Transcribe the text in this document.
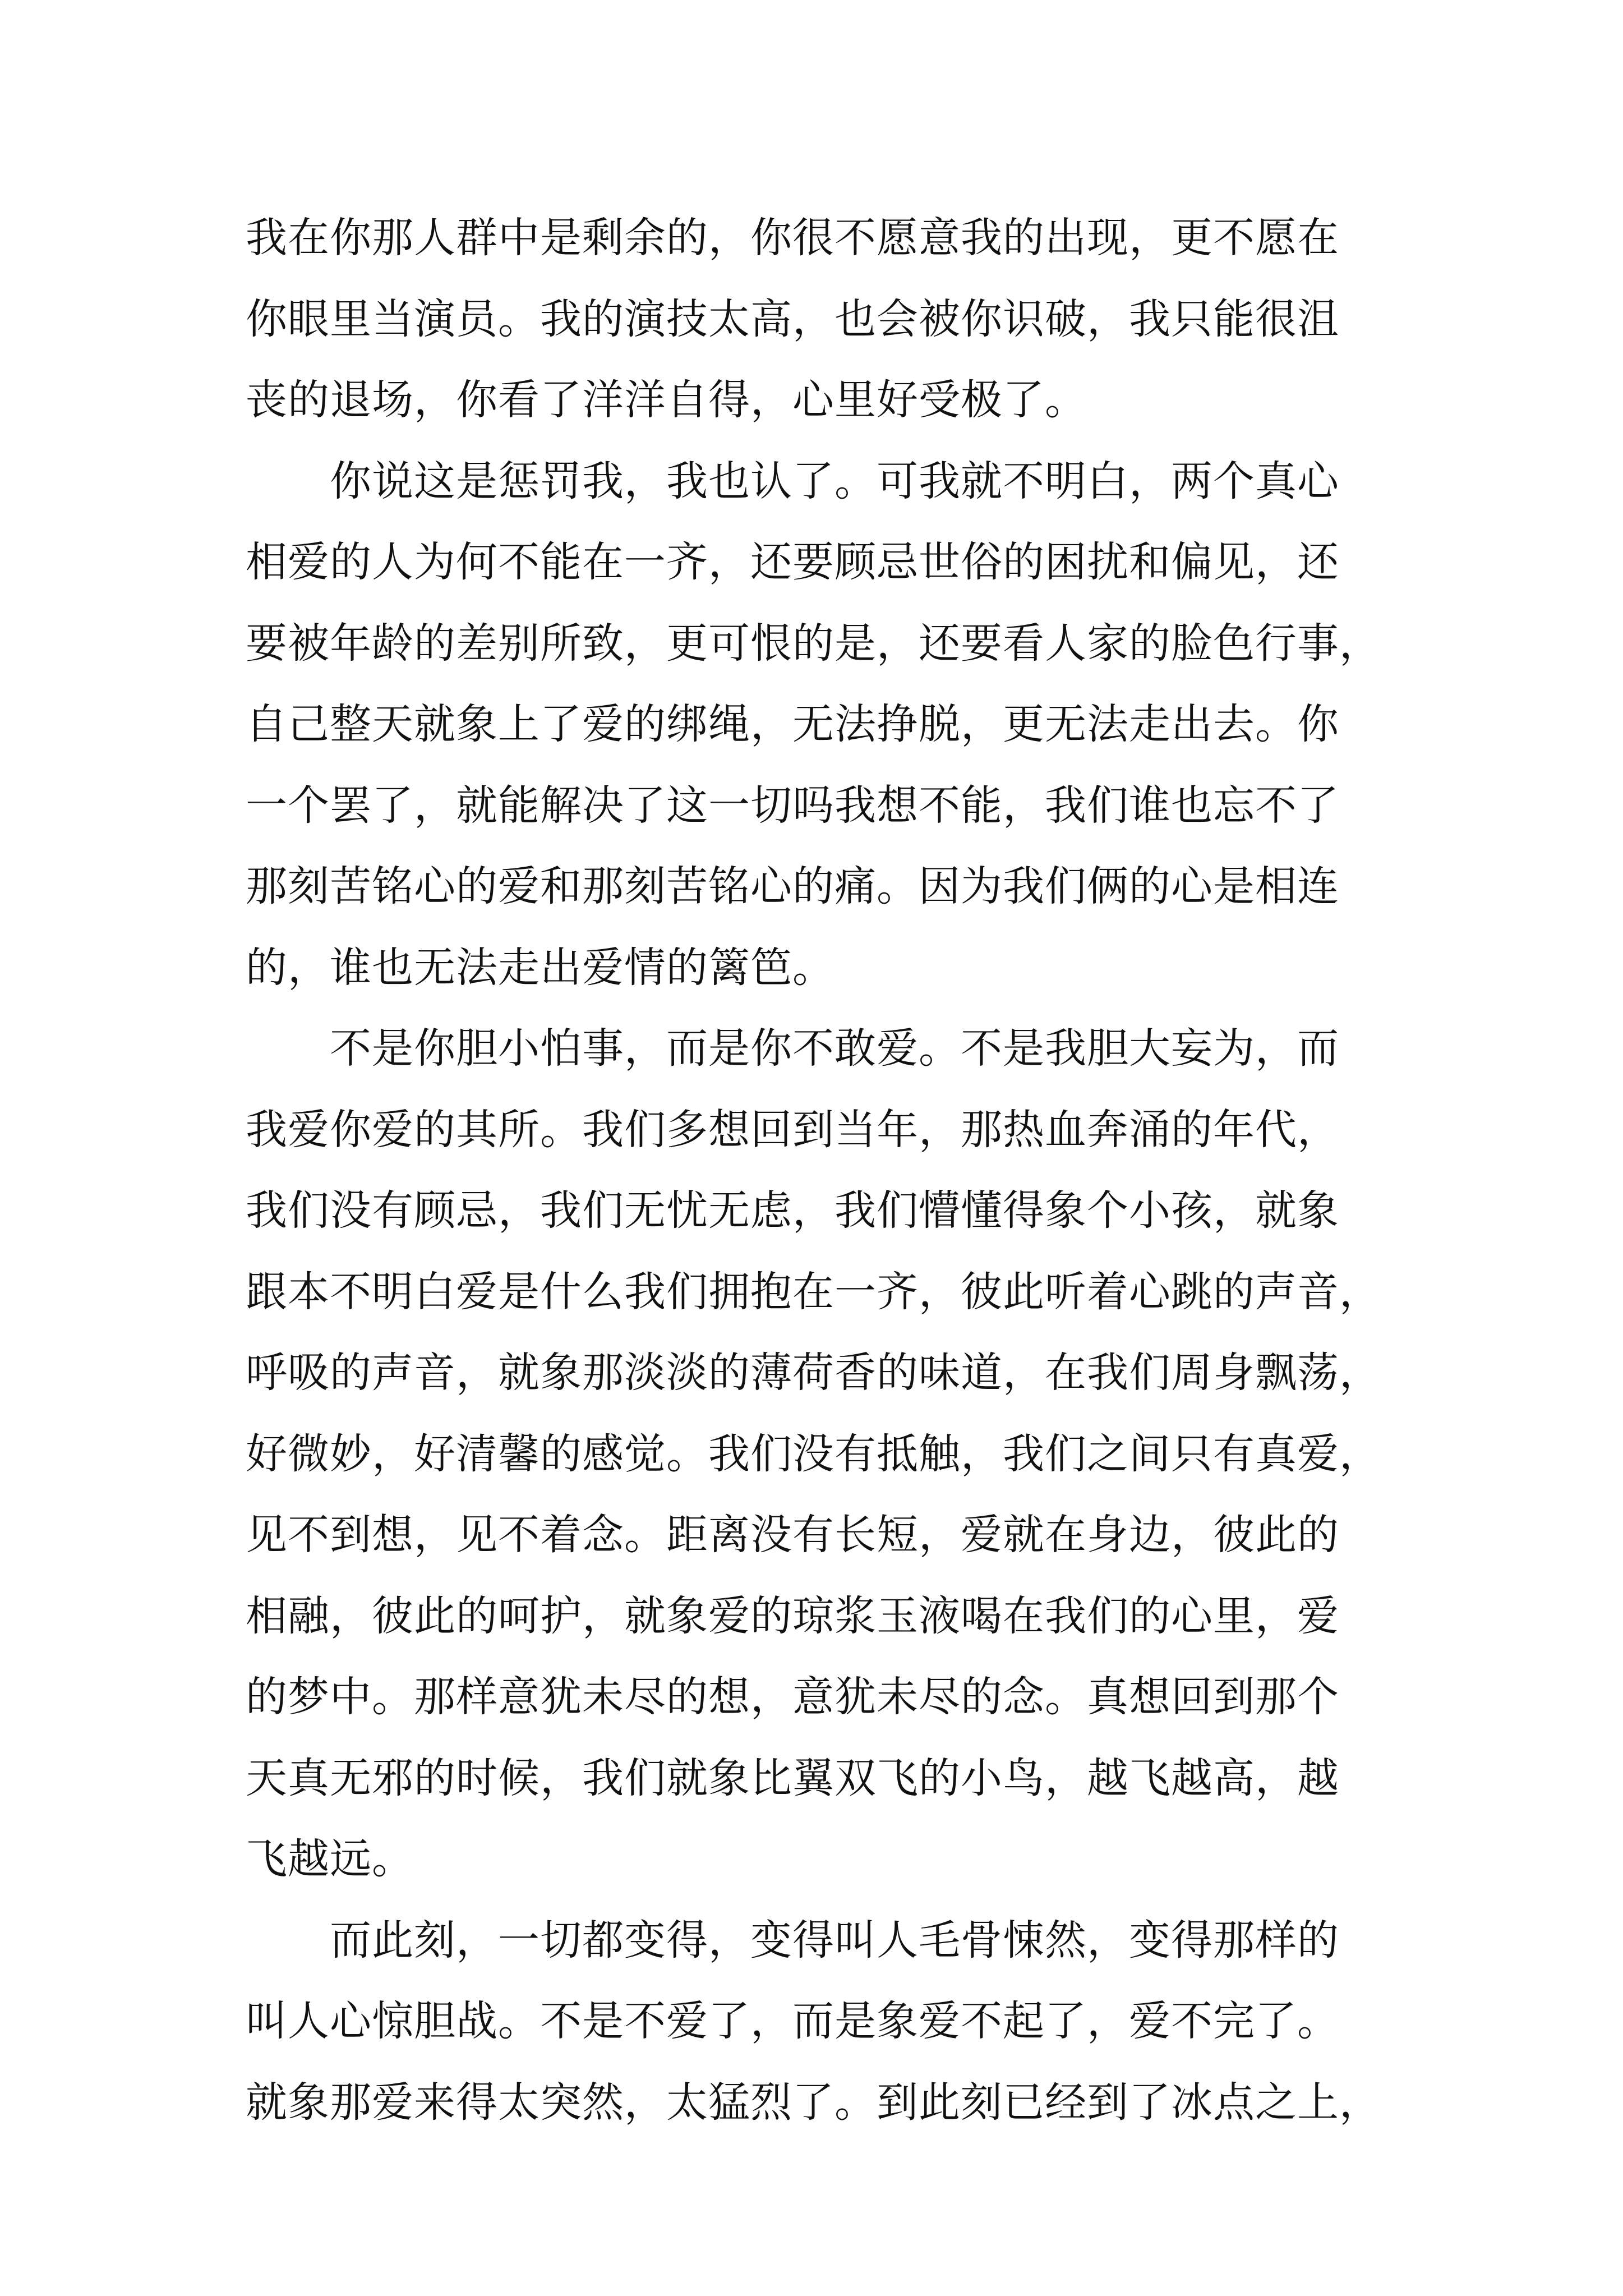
我在你那人群中是剩余的，你很不愿意我的出现，更不愿在
你眼里当演员。我的演技太高，也会被你识破，我只能很沮
丧的退场，你看了洋洋自得，心里好受极了。
　　你说这是惩罚我，我也认了。可我就不明白，两个真心
相爱的人为何不能在一齐，还要顾忌世俗的困扰和偏见，还
要被年龄的差别所致，更可恨的是，还要看人家的脸色行事，
自己整天就象上了爱的绑绳，无法挣脱，更无法走出去。你
一个罢了，就能解决了这一切吗我想不能，我们谁也忘不了
那刻苦铭心的爱和那刻苦铭心的痛。因为我们俩的心是相连
的，谁也无法走出爱情的篱笆。
　　不是你胆小怕事，而是你不敢爱。不是我胆大妄为，而
我爱你爱的其所。我们多想回到当年，那热血奔涌的年代，
我们没有顾忌，我们无忧无虑，我们懵懂得象个小孩，就象
跟本不明白爱是什么我们拥抱在一齐，彼此听着心跳的声音，
呼吸的声音，就象那淡淡的薄荷香的味道，在我们周身飘荡，
好微妙，好清馨的感觉。我们没有抵触，我们之间只有真爱，
见不到想，见不着念。距离没有长短，爱就在身边，彼此的
相融，彼此的呵护，就象爱的琼浆玉液喝在我们的心里，爱
的梦中。那样意犹未尽的想，意犹未尽的念。真想回到那个
天真无邪的时候，我们就象比翼双飞的小鸟，越飞越高，越
飞越远。
　　而此刻，一切都变得，变得叫人毛骨悚然，变得那样的
叫人心惊胆战。不是不爱了，而是象爱不起了，爱不完了。
就象那爱来得太突然，太猛烈了。到此刻已经到了冰点之上，
